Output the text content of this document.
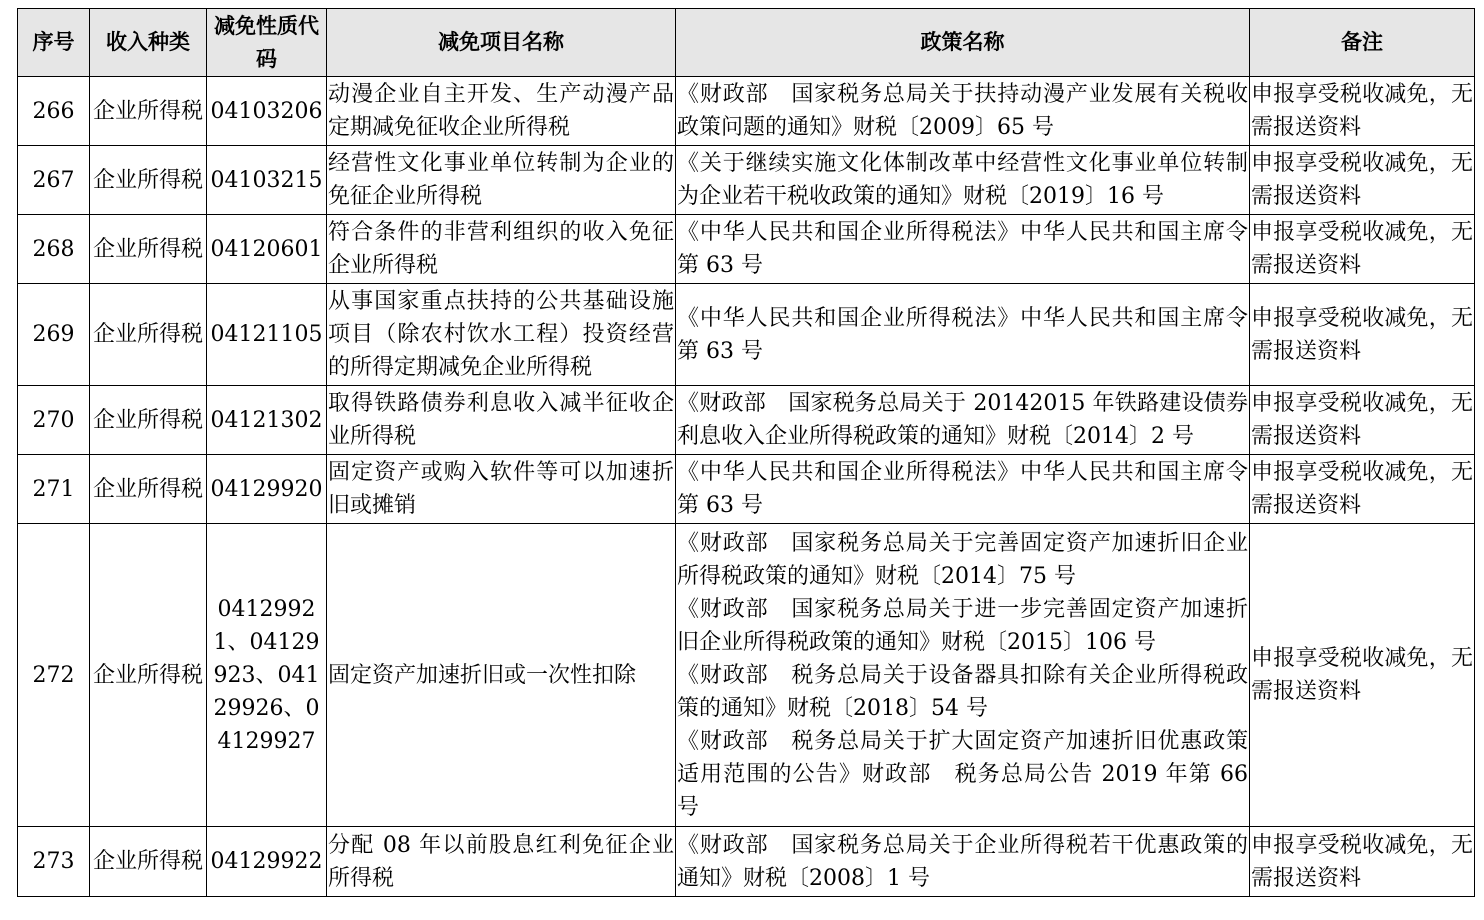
序号	收入种类	减免性质代码	减免项目名称	政策名称	备注
266	企业所得税	04103206	动漫企业自主开发、生产动漫产品定期减免征收企业所得税	《财政部　国家税务总局关于扶持动漫产业发展有关税收政策问题的通知》财税〔2009〕65 号	申报享受税收减免，无需报送资料
267	企业所得税	04103215	经营性文化事业单位转制为企业的免征企业所得税	《关于继续实施文化体制改革中经营性文化事业单位转制为企业若干税收政策的通知》财税〔2019〕16 号	申报享受税收减免，无需报送资料
268	企业所得税	04120601	符合条件的非营利组织的收入免征企业所得税	《中华人民共和国企业所得税法》中华人民共和国主席令第 63 号	申报享受税收减免，无需报送资料
269	企业所得税	04121105	从事国家重点扶持的公共基础设施项目（除农村饮水工程）投资经营的所得定期减免企业所得税	《中华人民共和国企业所得税法》中华人民共和国主席令第 63 号	申报享受税收减免，无需报送资料
270	企业所得税	04121302	取得铁路债券利息收入减半征收企业所得税	《财政部　国家税务总局关于 20142015 年铁路建设债券利息收入企业所得税政策的通知》财税〔2014〕2 号	申报享受税收减免，无需报送资料
271	企业所得税	04129920	固定资产或购入软件等可以加速折旧或摊销	《中华人民共和国企业所得税法》中华人民共和国主席令第 63 号	申报享受税收减免，无需报送资料
272	企业所得税	04129921、04129923、04129926、04129927	固定资产加速折旧或一次性扣除	《财政部　国家税务总局关于完善固定资产加速折旧企业所得税政策的通知》财税〔2014〕75 号
《财政部　国家税务总局关于进一步完善固定资产加速折旧企业所得税政策的通知》财税〔2015〕106 号
《财政部　税务总局关于设备器具扣除有关企业所得税政策的通知》财税〔2018〕54 号
《财政部　税务总局关于扩大固定资产加速折旧优惠政策适用范围的公告》财政部　税务总局公告 2019 年第 66 号	申报享受税收减免，无需报送资料
273	企业所得税	04129922	分配 08 年以前股息红利免征企业所得税	《财政部　国家税务总局关于企业所得税若干优惠政策的通知》财税〔2008〕1 号	申报享受税收减免，无需报送资料
